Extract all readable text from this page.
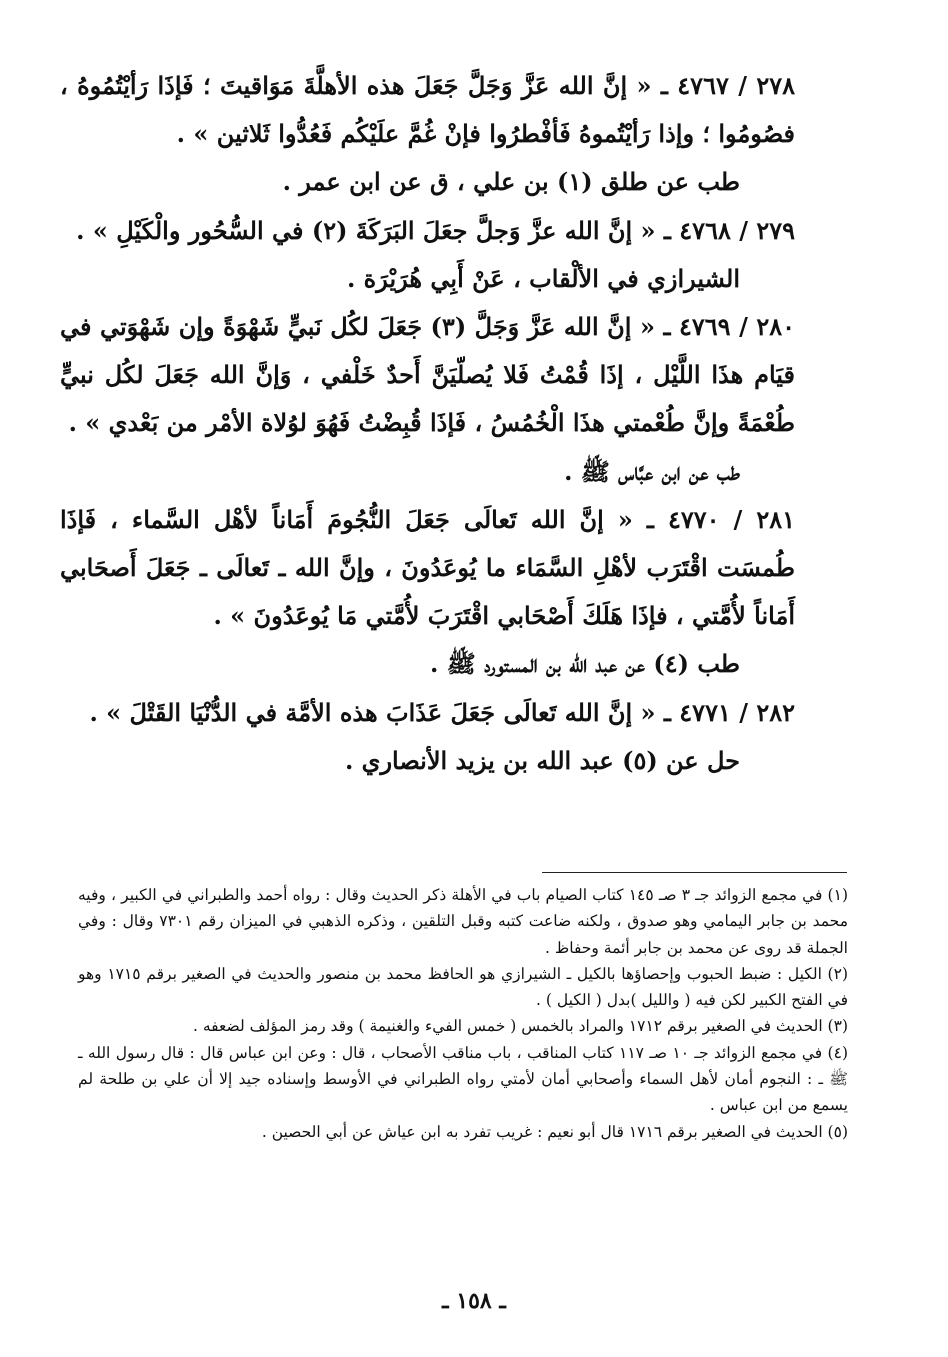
٢٧٨ / ٤٧٦٧ ـ « إنَّ الله عَزَّ وَجَلَّ جَعَلَ هذه الأهلَّةَ مَوَاقيتَ ؛ فَإذَا رَأيْتُمُوهُ ، فصُومُوا ؛ وإذا رَأيْتُموهُ فَأفْطرُوا فإنْ غُمَّ علَيْكُم فَعُدُّوا ثَلاثين » .

طب عن طلق (١) بن علي ، ق عن ابن عمر .

٢٧٩ / ٤٧٦٨ ـ « إنَّ الله عزَّ وَجلَّ جعَلَ البَرَكَةَ (٢) في السُّحُور والْكَيْلِ » .

الشيرازي في الألْقاب ، عَنْ أَبِي هُرَيْرَة .

٢٨٠ / ٤٧٦٩ ـ « إنَّ الله عَزَّ وَجَلَّ (٣) جَعَلَ لكُل نَبيٍّ شَهْوَةً وإن شَهْوَتي في قيَام هذَا اللَّيْل ، إذَا قُمْتُ فَلا يُصلّيَنَّ أَحدٌ خَلْفي ، وَإنَّ الله جَعَلَ لكُل نبيٍّ طُعْمَةً وإنَّ طُعْمتي هذَا الْخُمُسُ ، فَإذَا قُبِضْتُ فَهُوَ لوُلاة الأمْر من بَعْدي » .

طب عن ابن عبَّاس ﷺ .

٢٨١ / ٤٧٧٠ ـ « إنَّ الله تَعالَى جَعَلَ النُّجُومَ أَمَاناً لأهْل السَّماء ، فَإذَا طُمسَت اقْتَرَب لأهْلِ السَّمَاء ما يُوعَدُونَ ، وإنَّ الله ـ تَعالَى ـ جَعَلَ أَصحَابي أَمَاناً لأُمَّتي ، فإذَا هَلَكَ أَصْحَابي اقْتَرَبَ لأُمَّتي مَا يُوعَدُونَ » .

طب (٤) عن عبد الله بن المستورد ﷺ .

٢٨٢ / ٤٧٧١ ـ « إنَّ الله تَعالَى جَعَلَ عَذَابَ هذه الأمَّة في الدُّنْيَا القَتْلَ » .

حل عن (٥) عبد الله بن يزيد الأنصاري .

(١) في مجمع الزوائد جـ ٣ صـ ١٤٥ كتاب الصيام باب في الأهلة ذكر الحديث وقال : رواه أحمد والطبراني في الكبير ، وفيه محمد بن جابر اليمامي وهو صدوق ، ولكنه ضاعت كتبه وقبل التلقين ، وذكره الذهبي في الميزان رقم ٧٣٠١ وقال : وفي الجملة قد روى عن محمد بن جابر أئمة وحفاظ .

(٢) الكيل : ضبط الحبوب وإحصاؤها بالكيل ـ الشيرازي هو الحافظ محمد بن منصور والحديث في الصغير برقم ١٧١٥ وهو في الفتح الكبير لكن فيه ( والليل )بدل ( الكيل ) .

(٣) الحديث في الصغير برقم ١٧١٢ والمراد بالخمس ( خمس الفيء والغنيمة ) وقد رمز المؤلف لضعفه .

(٤) في مجمع الزوائد جـ ١٠ صـ ١١٧ كتاب المناقب ، باب مناقب الأصحاب ، قال : وعن ابن عباس قال : قال رسول الله ـ ﷺ ـ : النجوم أمان لأهل السماء وأصحابي أمان لأمتي رواه الطبراني في الأوسط وإسناده جيد إلا أن علي بن طلحة لم يسمع من ابن عباس .

(٥) الحديث في الصغير برقم ١٧١٦ قال أبو نعيم : غريب تفرد به ابن عياش عن أبي الحصين .

ـ ١٥٨ ـ
